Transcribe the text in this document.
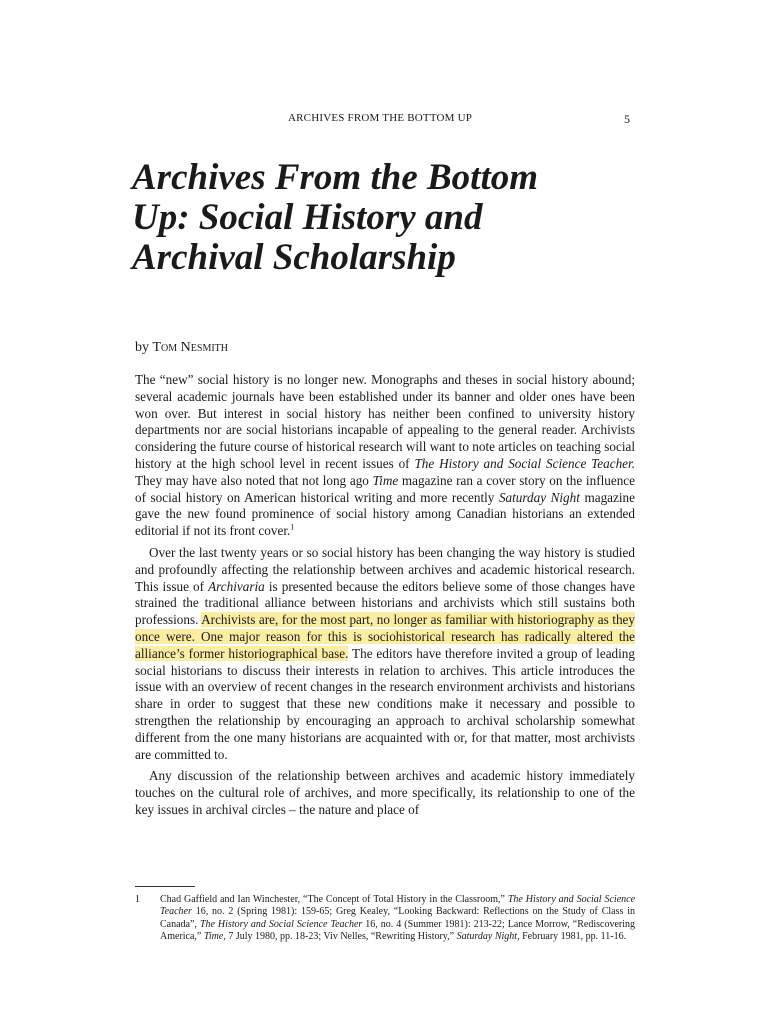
ARCHIVES FROM THE BOTTOM UP	5
Archives From the Bottom
Up: Social History and
Archival Scholarship
by Tom Nesmith

The “new” social history is no longer new. Monographs and theses in social history abound; several academic journals have been established under its banner and older ones have been won over. But interest in social history has neither been confined to university history departments nor are social historians incapable of appealing to the general reader. Archivists considering the future course of historical research will want to note articles on teaching social history at the high school level in recent issues of The History and Social Science Teacher. They may have also noted that not long ago Time magazine ran a cover story on the influence of social history on American historical writing and more recently Saturday Night magazine gave the new found prominence of social history among Canadian historians an extended editorial if not its front cover.$^1$

Over the last twenty years or so social history has been changing the way history is studied and profoundly affecting the relationship between archives and academic historical research. This issue of Archivaria is presented because the editors believe some of those changes have strained the traditional alliance between historians and archivists which still sustains both professions. Archivists are, for the most part, no longer as familiar with historiography as they once were. One major reason for this is sociohistorical research has radically altered the alliance’s former historiographical base. The editors have therefore invited a group of leading social historians to discuss their interests in relation to archives. This article introduces the issue with an overview of recent changes in the research environment archivists and historians share in order to suggest that these new conditions make it necessary and possible to strengthen the relationship by encouraging an approach to archival scholarship somewhat different from the one many historians are acquainted with or, for that matter, most archivists are committed to.

Any discussion of the relationship between archives and academic history immediately touches on the cultural role of archives, and more specifically, its relationship to one of the key issues in archival circles – the nature and place of

1 Chad Gaffield and Ian Winchester, “The Concept of Total History in the Classroom,” The History and Social Science Teacher 16, no. 2 (Spring 1981): 159-65; Greg Kealey, “Looking Backward: Reflections on the Study of Class in Canada”, The History and Social Science Teacher 16, no. 4 (Summer 1981): 213-22; Lance Morrow, “Rediscovering America,” Time, 7 July 1980, pp. 18-23; Viv Nelles, “Rewriting History,” Saturday Night, February 1981, pp. 11-16.
